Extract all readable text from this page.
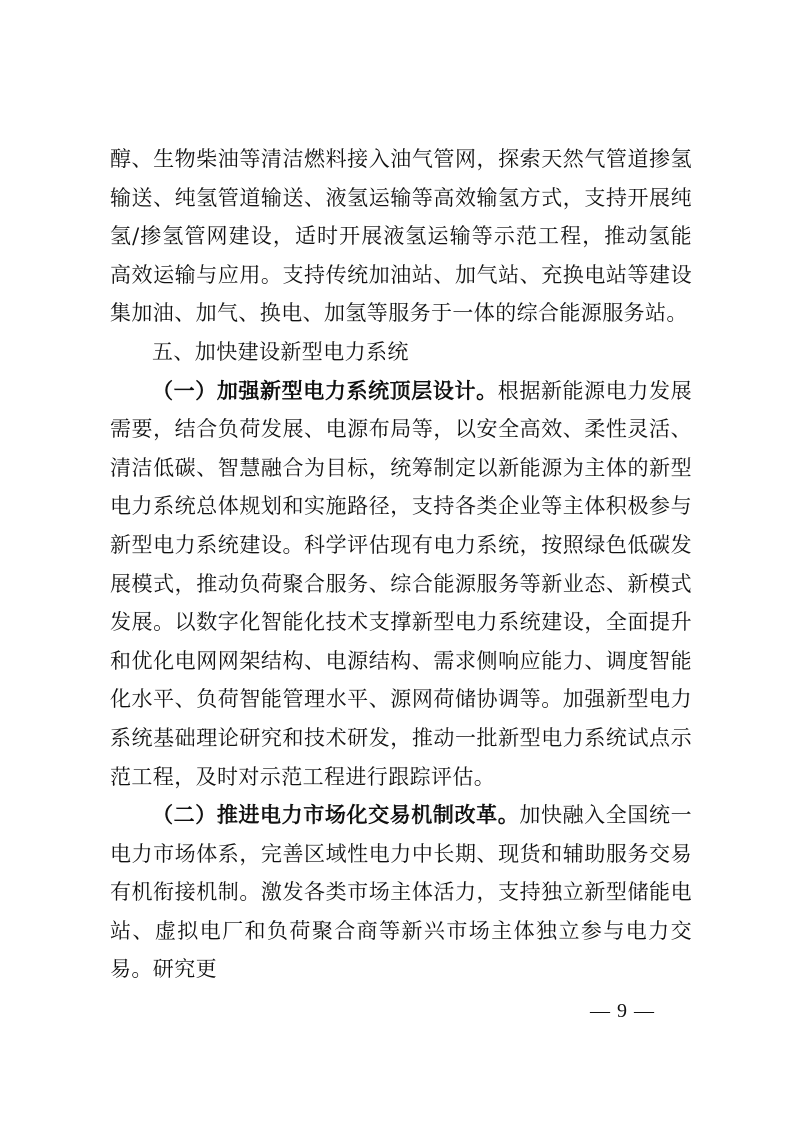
醇、生物柴油等清洁燃料接入油气管网，探索天然气管道掺氢输送、纯氢管道输送、液氢运输等高效输氢方式，支持开展纯氢/掺氢管网建设，适时开展液氢运输等示范工程，推动氢能高效运输与应用。支持传统加油站、加气站、充换电站等建设集加油、加气、换电、加氢等服务于一体的综合能源服务站。

五、加快建设新型电力系统

（一）加强新型电力系统顶层设计。根据新能源电力发展需要，结合负荷发展、电源布局等，以安全高效、柔性灵活、清洁低碳、智慧融合为目标，统筹制定以新能源为主体的新型电力系统总体规划和实施路径，支持各类企业等主体积极参与新型电力系统建设。科学评估现有电力系统，按照绿色低碳发展模式，推动负荷聚合服务、综合能源服务等新业态、新模式发展。以数字化智能化技术支撑新型电力系统建设，全面提升和优化电网网架结构、电源结构、需求侧响应能力、调度智能化水平、负荷智能管理水平、源网荷储协调等。加强新型电力系统基础理论研究和技术研发，推动一批新型电力系统试点示范工程，及时对示范工程进行跟踪评估。

（二）推进电力市场化交易机制改革。加快融入全国统一电力市场体系，完善区域性电力中长期、现货和辅助服务交易有机衔接机制。激发各类市场主体活力，支持独立新型储能电站、虚拟电厂和负荷聚合商等新兴市场主体独立参与电力交易。研究更

— 9 —
